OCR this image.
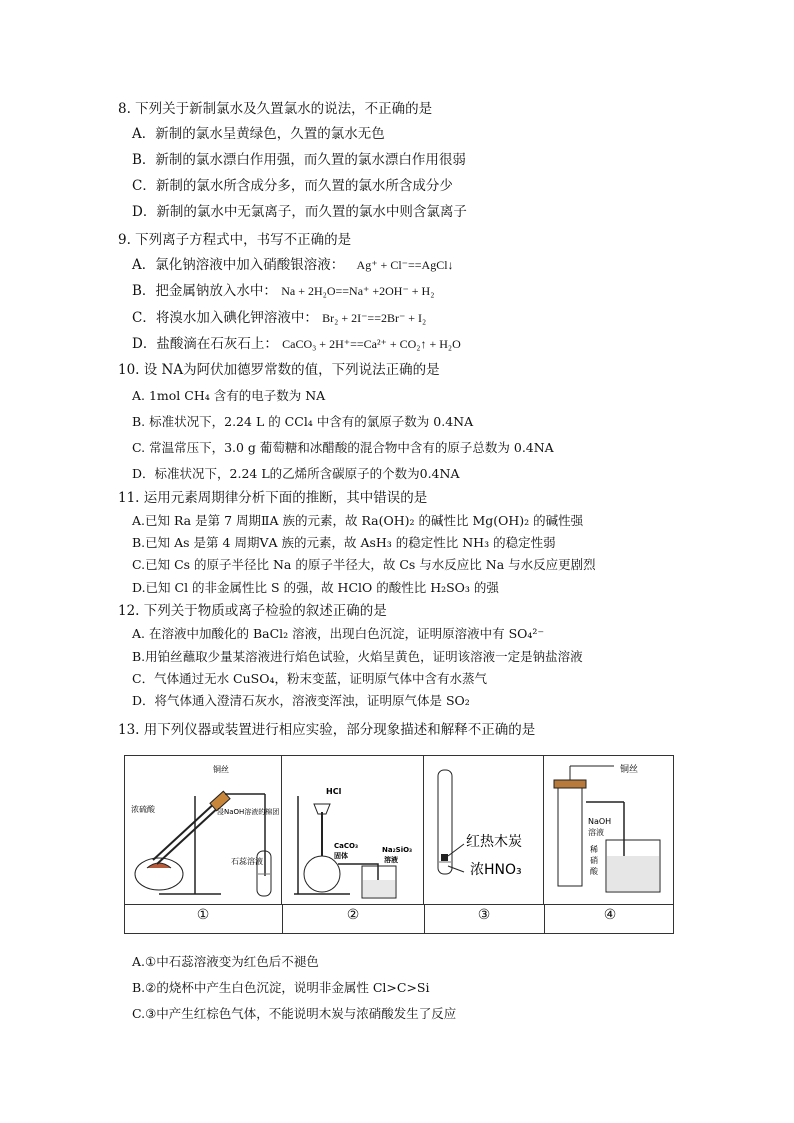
8. 下列关于新制氯水及久置氯水的说法，不正确的是
A．新制的氯水呈黄绿色，久置的氯水无色
B．新制的氯水漂白作用强，而久置的氯水漂白作用很弱
C．新制的氯水所含成分多，而久置的氯水所含成分少
D．新制的氯水中无氯离子，而久置的氯水中则含氯离子
9. 下列离子方程式中，书写不正确的是
A．氯化钠溶液中加入硝酸银溶液： Ag⁺ + Cl⁻==AgCl↓
B．把金属钠放入水中： Na + 2H₂O==Na⁺ +2OH⁻ + H₂
C．将溴水加入碘化钾溶液中： Br₂ + 2I⁻==2Br⁻ + I₂
D．盐酸滴在石灰石上： CaCO₃ + 2H⁺==Ca²⁺ + CO₂↑ + H₂O
10. 设 NA为阿伏加德罗常数的值，下列说法正确的是
A. 1mol CH₄ 含有的电子数为 NA
B. 标准状况下，2.24 L 的 CCl₄ 中含有的氯原子数为 0.4NA
C. 常温常压下，3.0 g 葡萄糖和冰醋酸的混合物中含有的原子总数为 0.4NA
D．标准状况下，2.24 L的乙烯所含碳原子的个数为0.4NA
11. 运用元素周期律分析下面的推断，其中错误的是
A.已知 Ra 是第 7 周期ⅡA 族的元素，故 Ra(OH)₂ 的碱性比 Mg(OH)₂ 的碱性强
B.已知 As 是第 4 周期ⅤA 族的元素，故 AsH₃ 的稳定性比 NH₃ 的稳定性弱
C.已知 Cs 的原子半径比 Na 的原子半径大，故 Cs 与水反应比 Na 与水反应更剧烈
D.已知 Cl 的非金属性比 S 的强，故 HClO 的酸性比 H₂SO₃ 的强
12. 下列关于物质或离子检验的叙述正确的是
A. 在溶液中加酸化的 BaCl₂ 溶液，出现白色沉淀，证明原溶液中有 SO₄²⁻
B.用铂丝蘸取少量某溶液进行焰色试验，火焰呈黄色，证明该溶液一定是钠盐溶液
C．气体通过无水 CuSO₄，粉末变蓝，证明原气体中含有水蒸气
D．将气体通入澄清石灰水，溶液变浑浊，证明原气体是 SO₂
13. 用下列仪器或装置进行相应实验，部分现象描述和解释不正确的是
铜丝
浓硫酸	浸NaOH溶液的棉团
石蕊溶液
HCl
CaCO₃
固体
Na₂SiO₃
溶液
红热木炭
浓HNO₃
铜丝
NaOH
溶液
稀
硝
酸
①	②	③	④
A.①中石蕊溶液变为红色后不褪色
B.②的烧杯中产生白色沉淀，说明非金属性 Cl>C>Si
C.③中产生红棕色气体，不能说明木炭与浓硝酸发生了反应
